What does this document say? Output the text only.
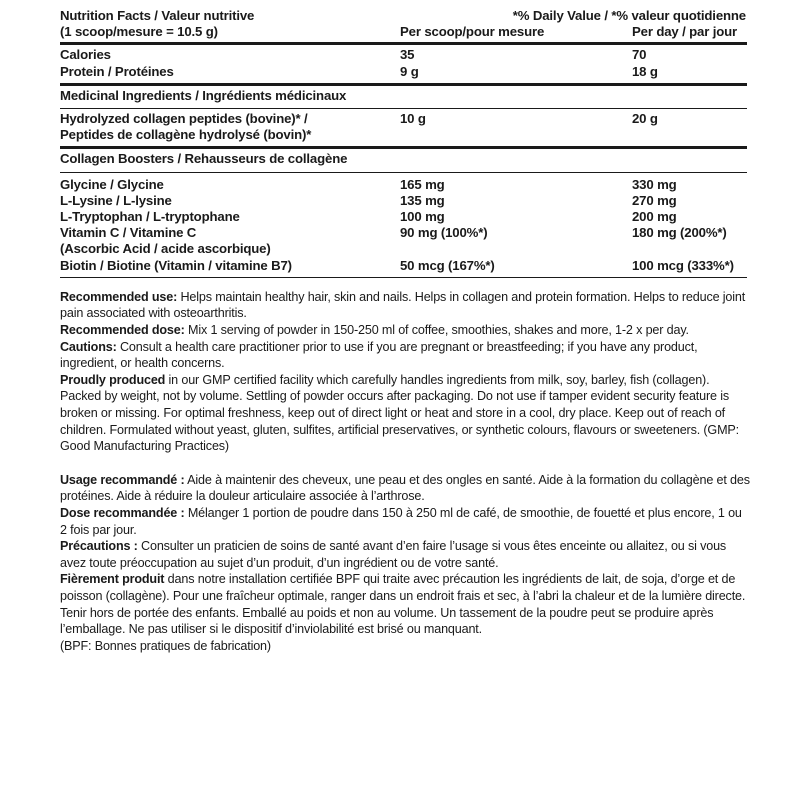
Nutrition Facts / Valeur nutritive	*% Daily Value / *% valeur quotidienne	

(1 scoop/mesure = 10.5 g)	Per scoop/pour mesure	Per day / par jour

Calories	35	70
Protein / Protéines	9 g	18 g

Medicinal Ingredients / Ingrédients médicinaux		

Hydrolyzed collagen peptides (bovine)* /	10 g	20 g
Peptides de collagène hydrolysé (bovin)*		

Collagen Boosters / Rehausseurs de collagène		

Glycine / Glycine	165 mg	330 mg
L-Lysine / L-lysine	135 mg	270 mg
L-Tryptophan / L-tryptophane	100 mg	200 mg
Vitamin C / Vitamine C	90 mg (100%*)	180 mg (200%*)
(Ascorbic Acid / acide ascorbique)		
Biotin / Biotine (Vitamin / vitamine B7)	50 mcg (167%*)	100 mcg (333%*)

Recommended use: Helps maintain healthy hair, skin and nails. Helps in collagen and protein formation. Helps to reduce joint pain associated with osteoarthritis.

Recommended dose: Mix 1 serving of powder in 150-250 ml of coffee, smoothies, shakes and more, 1-2 x per day.

Cautions: Consult a health care practitioner prior to use if you are pregnant or breastfeeding; if you have any product, ingredient, or health concerns.

Proudly produced in our GMP certified facility which carefully handles ingredients from milk, soy, barley, fish (collagen). Packed by weight, not by volume. Settling of powder occurs after packaging. Do not use if tamper evident security feature is broken or missing. For optimal freshness, keep out of direct light or heat and store in a cool, dry place. Keep out of reach of children. Formulated without yeast, gluten, sulfites, artificial preservatives, or synthetic colours, flavours or sweeteners. (GMP: Good Manufacturing Practices)

Usage recommandé : Aide à maintenir des cheveux, une peau et des ongles en santé. Aide à la formation du collagène et des protéines. Aide à réduire la douleur articulaire associée à l’arthrose.

Dose recommandée : Mélanger 1 portion de poudre dans 150 à 250 ml de café, de smoothie, de fouetté et plus encore, 1 ou 2 fois par jour.

Précautions : Consulter un praticien de soins de santé avant d’en faire l’usage si vous êtes enceinte ou allaitez, ou si vous avez toute préoccupation au sujet d’un produit, d’un ingrédient ou de votre santé.

Fièrement produit dans notre installation certifiée BPF qui traite avec précaution les ingrédients de lait, de soja, d’orge et de poisson (collagène). Pour une fraîcheur optimale, ranger dans un endroit frais et sec, à l’abri la chaleur et de la lumière directe. Tenir hors de portée des enfants. Emballé au poids et non au volume. Un tassement de la poudre peut se produire après l’emballage. Ne pas utiliser si le dispositif d’inviolabilité est brisé ou manquant.

(BPF: Bonnes pratiques de fabrication)
